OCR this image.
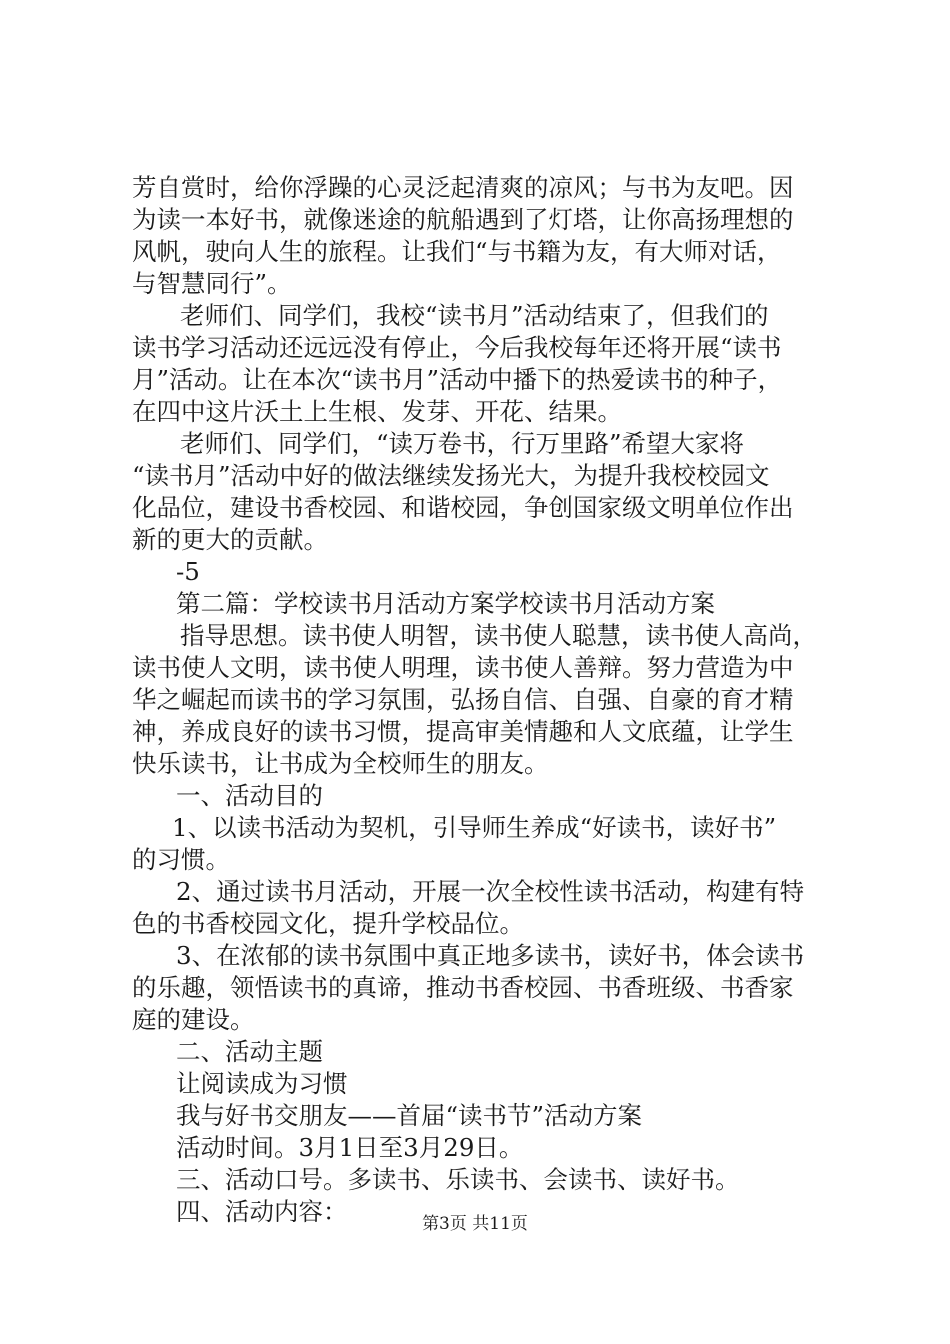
芳自赏时，给你浮躁的心灵泛起清爽的凉风；与书为友吧。因
为读一本好书，就像迷途的航船遇到了灯塔，让你高扬理想的
风帆，驶向人生的旅程。让我们“与书籍为友，有大师对话，
与智慧同行”。
老师们、同学们，我校“读书月”活动结束了，但我们的
读书学习活动还远远没有停止，今后我校每年还将开展“读书
月”活动。让在本次“读书月”活动中播下的热爱读书的种子，
在四中这片沃土上生根、发芽、开花、结果。
老师们、同学们，“读万卷书，行万里路”希望大家将
“读书月”活动中好的做法继续发扬光大，为提升我校校园文
化品位，建设书香校园、和谐校园，争创国家级文明单位作出
新的更大的贡献。
-5
第二篇：学校读书月活动方案学校读书月活动方案
指导思想。读书使人明智，读书使人聪慧，读书使人高尚，
读书使人文明，读书使人明理，读书使人善辩。努力营造为中
华之崛起而读书的学习氛围，弘扬自信、自强、自豪的育才精
神，养成良好的读书习惯，提高审美情趣和人文底蕴，让学生
快乐读书，让书成为全校师生的朋友。
一、活动目的
1、以读书活动为契机，引导师生养成“好读书，读好书”
的习惯。
2、通过读书月活动，开展一次全校性读书活动，构建有特
色的书香校园文化，提升学校品位。
3、在浓郁的读书氛围中真正地多读书，读好书，体会读书
的乐趣，领悟读书的真谛，推动书香校园、书香班级、书香家
庭的建设。
二、活动主题
让阅读成为习惯
我与好书交朋友——首届“读书节”活动方案
活动时间。3月1日至3月29日。
三、活动口号。多读书、乐读书、会读书、读好书。
四、活动内容：	第3页 共11页
